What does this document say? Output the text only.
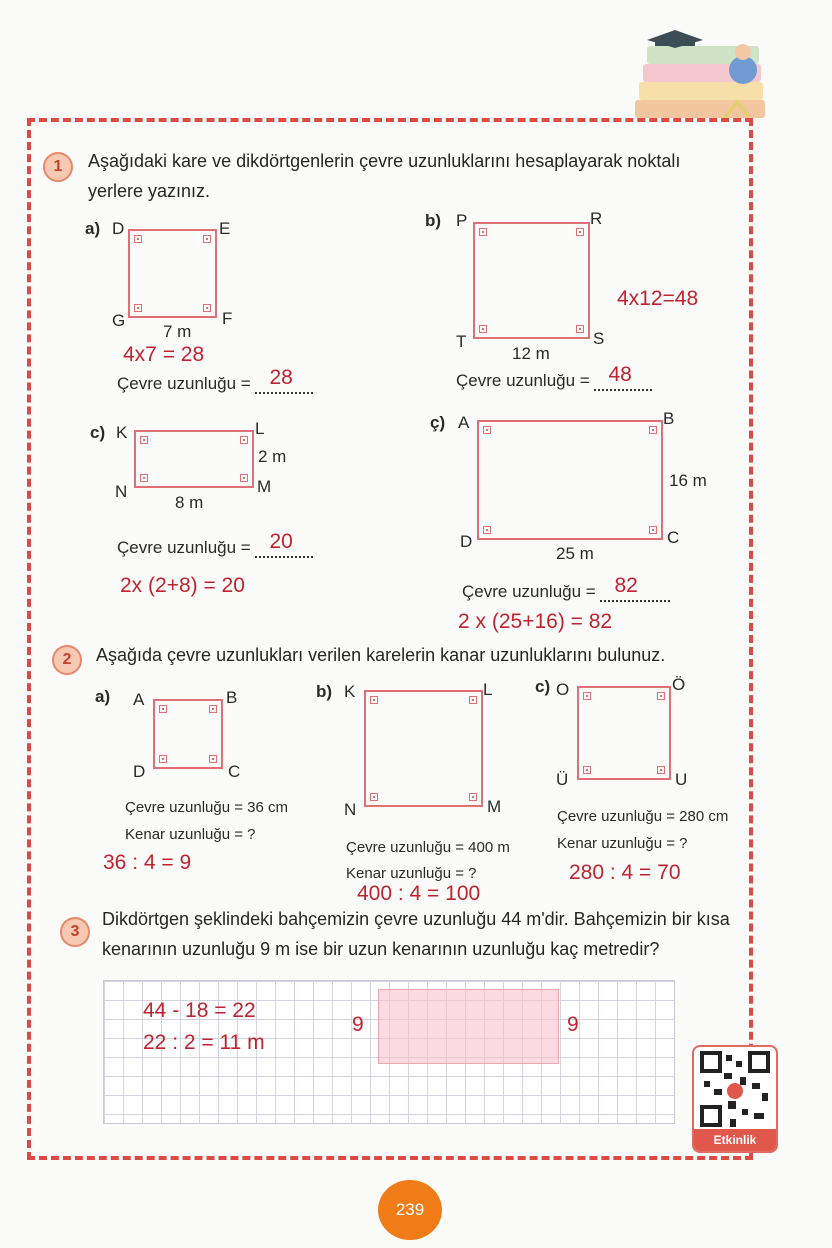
1	Aşağıdaki kare ve dikdörtgenlerin çevre uzunluklarını hesaplayarak noktalı yerlere yazınız.
a) D	E
G	F
7 m
4x7 = 28
Çevre uzunluğu = 28
b) P	R
T	S
12 m
4x12=48
Çevre uzunluğu = 48
c) K	L
N	M
2 m
8 m
Çevre uzunluğu = 20
2x (2+8) = 20
ç) A	B
D	C
16 m
25 m
Çevre uzunluğu = 82
2 x (25+16) = 82
2	Aşağıda çevre uzunlukları verilen karelerin kanar uzunluklarını bulunuz.
a) A	B
D	C
Çevre uzunluğu = 36 cm
Kenar uzunluğu = ?
36 : 4 = 9
b) K	L
N	M
Çevre uzunluğu = 400 m
Kenar uzunluğu = ?
400 : 4 = 100
c) O	Ö
Ü	U
Çevre uzunluğu = 280 cm
Kenar uzunluğu = ?
280 : 4 = 70
3
Dikdörtgen şeklindeki bahçemizin çevre uzunluğu 44 m'dir. Bahçemizin bir kısa kenarının uzunluğu 9 m ise bir uzun kenarının uzunluğu kaç metredir?
44 - 18 = 22
22 : 2 = 11 m
9	9
Etkinlik
239
